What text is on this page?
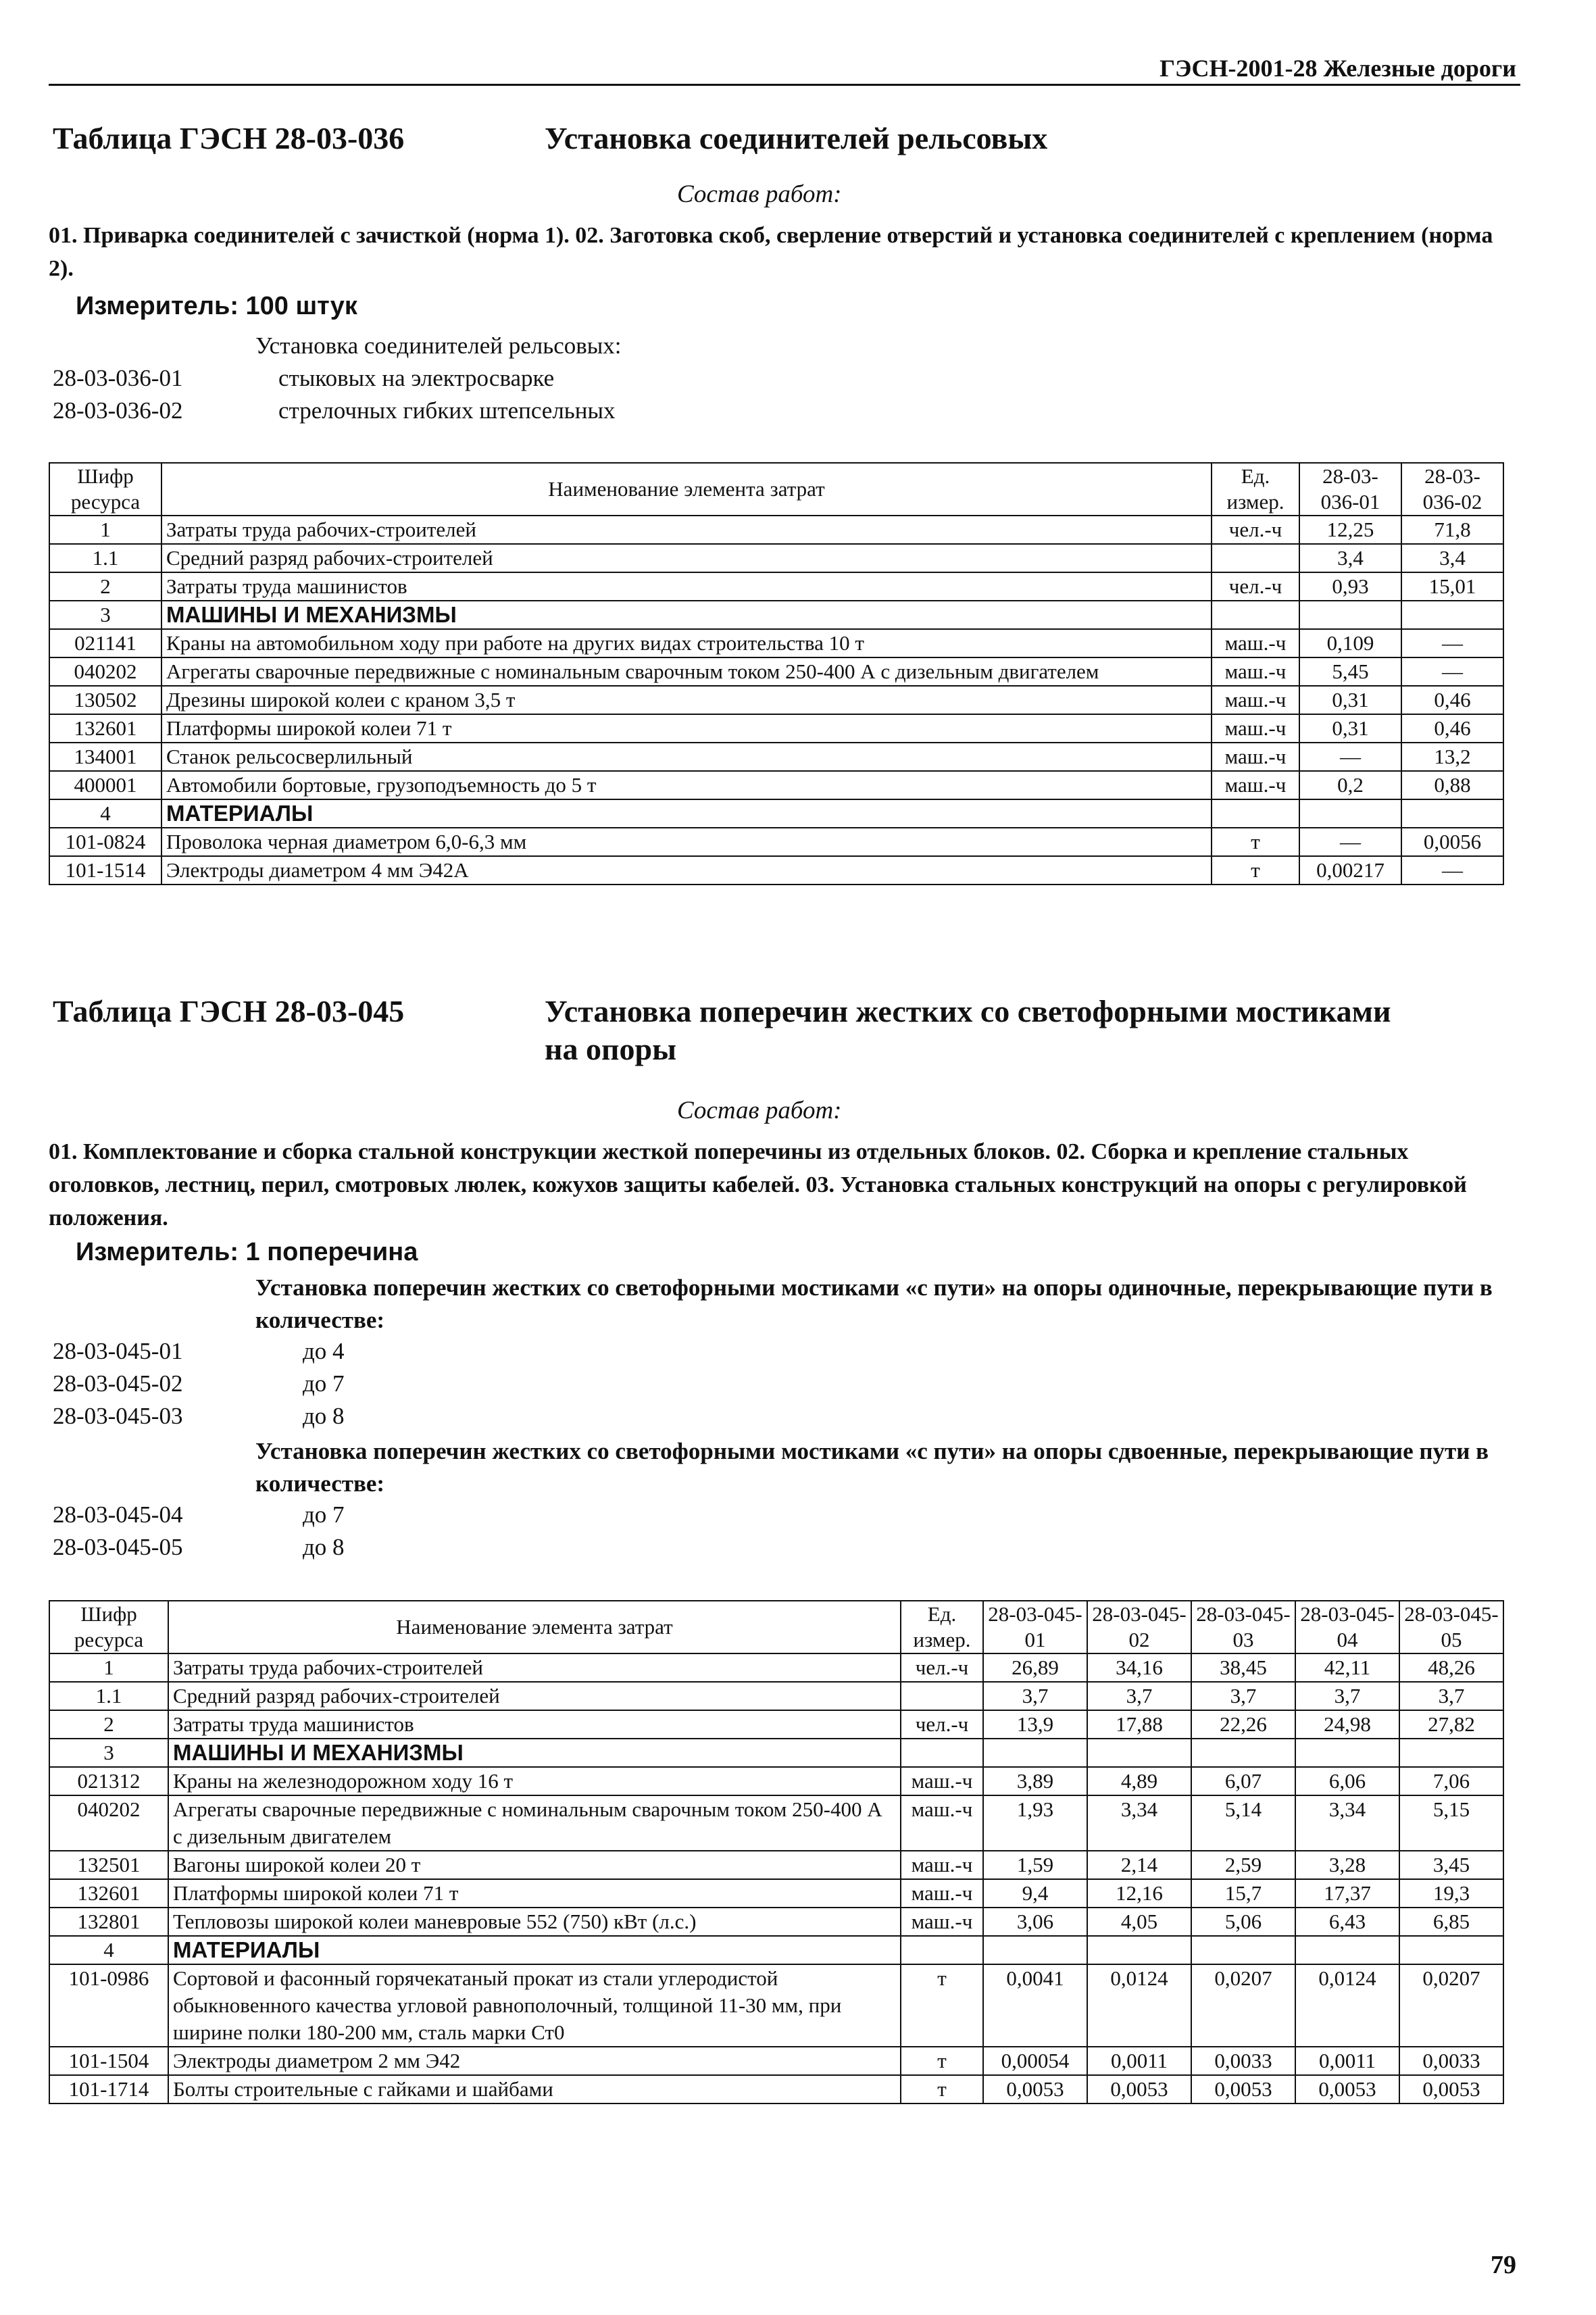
ГЭСН-2001-28 Железные дороги
Таблица ГЭСН 28-03-036	Установка соединителей рельсовых
Состав работ:
01. Приварка соединителей с зачисткой (норма 1). 02. Заготовка скоб, сверление отверстий и установка соединителей с креплением (норма 2).
Измеритель: 100 штук
Установка соединителей рельсовых:
28-03-036-01	стыковых на электросварке
28-03-036-02	стрелочных гибких штепсельных
Шифр ресурса	Наименование элемента затрат	Ед. измер.	28-03-036-01	28-03-036-02
1	Затраты труда рабочих-строителей	чел.-ч	12,25	71,8
1.1	Средний разряд рабочих-строителей		3,4	3,4
2	Затраты труда машинистов	чел.-ч	0,93	15,01
3	МАШИНЫ И МЕХАНИЗМЫ			
021141	Краны на автомобильном ходу при работе на других видах строительства 10 т	маш.-ч	0,109	—
040202	Агрегаты сварочные передвижные с номинальным сварочным током 250-400 А с дизельным двигателем	маш.-ч	5,45	—
130502	Дрезины широкой колеи с краном 3,5 т	маш.-ч	0,31	0,46
132601	Платформы широкой колеи 71 т	маш.-ч	0,31	0,46
134001	Станок рельсосверлильный	маш.-ч	—	13,2
400001	Автомобили бортовые, грузоподъемность до 5 т	маш.-ч	0,2	0,88
4	МАТЕРИАЛЫ			
101-0824	Проволока черная диаметром 6,0-6,3 мм	т	—	0,0056
101-1514	Электроды диаметром 4 мм Э42А	т	0,00217	—
Таблица ГЭСН 28-03-045	Установка поперечин жестких со светофорными мостиками
на опоры
Состав работ:
01. Комплектование и сборка стальной конструкции жесткой поперечины из отдельных блоков. 02. Сборка и крепление стальных оголовков, лестниц, перил, смотровых люлек, кожухов защиты кабелей. 03. Установка стальных конструкций на опоры с регулировкой положения.
Измеритель: 1 поперечина
Установка поперечин жестких со светофорными мостиками «с пути» на опоры одиночные, перекрывающие пути в количестве:
28-03-045-01	до 4
28-03-045-02	до 7
28-03-045-03	до 8
Установка поперечин жестких со светофорными мостиками «с пути» на опоры сдвоенные, перекрывающие пути в количестве:
28-03-045-04	до 7
28-03-045-05	до 8
Шифр ресурса	Наименование элемента затрат	Ед. измер.	28-03-045-01	28-03-045-02	28-03-045-03	28-03-045-04	28-03-045-05
1	Затраты труда рабочих-строителей	чел.-ч	26,89	34,16	38,45	42,11	48,26
1.1	Средний разряд рабочих-строителей		3,7	3,7	3,7	3,7	3,7
2	Затраты труда машинистов	чел.-ч	13,9	17,88	22,26	24,98	27,82
3	МАШИНЫ И МЕХАНИЗМЫ						
021312	Краны на железнодорожном ходу 16 т	маш.-ч	3,89	4,89	6,07	6,06	7,06
040202	Агрегаты сварочные передвижные с номинальным сварочным током 250-400 А с дизельным двигателем	маш.-ч	1,93	3,34	5,14	3,34	5,15
132501	Вагоны широкой колеи 20 т	маш.-ч	1,59	2,14	2,59	3,28	3,45
132601	Платформы широкой колеи 71 т	маш.-ч	9,4	12,16	15,7	17,37	19,3
132801	Тепловозы широкой колеи маневровые 552 (750) кВт (л.с.)	маш.-ч	3,06	4,05	5,06	6,43	6,85
4	МАТЕРИАЛЫ						
101-0986	Сортовой и фасонный горячекатаный прокат из стали углеродистой обыкновенного качества угловой равнополочный, толщиной 11-30 мм, при ширине полки 180-200 мм, сталь марки Ст0	т	0,0041	0,0124	0,0207	0,0124	0,0207
101-1504	Электроды диаметром 2 мм Э42	т	0,00054	0,0011	0,0033	0,0011	0,0033
101-1714	Болты строительные с гайками и шайбами	т	0,0053	0,0053	0,0053	0,0053	0,0053
79
